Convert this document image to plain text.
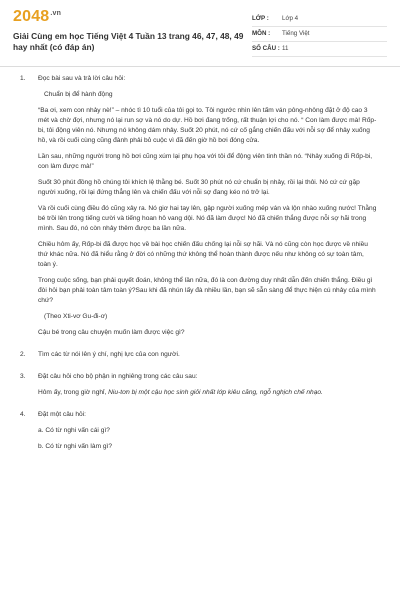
$2048^{.vn}$
Giải Cùng em học Tiếng Việt 4 Tuần 13 trang 46, 47, 48, 49 hay nhất (có đáp án)
LỚP :	Lớp 4
MÔN :	Tiếng Việt
SỐ CÂU : 11
1. Đọc bài sau và trả lời câu hỏi:

Chuẩn bị để hành động

“Ba ơi, xem con nhảy nè!” – nhóc tì 10 tuổi của tôi gọi to. Tôi ngước nhìn lên tấm ván pông-nhông đặt ở độ cao 3 mét và chờ đợi, nhưng nó lại run sợ và nó do dự. Hồ bơi đang trống, rất thuận lợi cho nó. “ Con làm được mà! Rốp-bi, tôi động viên nó. Nhưng nó không dám nhảy. Suốt 20 phút, nó cứ cố gắng chiến đấu với nỗi sợ để nhảy xuống hồ, và rồi cuối cùng cũng đành phải bỏ cuộc vì đã đến giờ hồ bơi đóng cửa.

Lần sau, những người trong hồ bơi cũng xúm lại phụ họa với tôi để động viên tinh thần nó. “Nhảy xuống đi Rốp-bi, con làm được mà!”

Suốt 30 phút đồng hồ chúng tôi khích lệ thằng bé. Suốt 30 phút nó cứ chuẩn bị nhảy, rồi lại thôi. Nó cứ cứ gặp người xuống, rồi lại đứng thẳng lên và chiến đấu với nỗi sợ đang kéo nó trở lại.

Và rồi cuối cùng điều đó cũng xảy ra. Nó giơ hai tay lên, gập người xuống mép ván và lộn nhào xuống nước! Thằng bé trồi lên trong tiếng cười và tiếng hoan hô vang dội. Nó đã làm được! Nó đã chiến thắng được nỗi sợ hãi trong mình. Sau đó, nó còn nhảy thêm được ba lần nữa.

Chiều hôm ấy, Rốp-bi đã được học về bài học chiến đấu chống lại nỗi sợ hãi. Và nó cũng còn học được về nhiều thứ khác nữa. Nó đã hiểu rằng ở đời có những thứ không thể hoàn thành được nếu như không có sự toàn tâm, toàn ý.

Trong cuộc sống, bạn phải quyết đoán, không thể lần nữa, đó là con đường duy nhất dẫn đến chiến thắng. Điều gì đòi hỏi bạn phải toàn tâm toàn ý?Sau khi đã nhún lấy đà nhiều lần, bạn sẽ sẵn sàng để thực hiện cú nhảy của mình chứ?

(Theo Xti-vơ Gu-đi-ơ)

Cậu bé trong câu chuyện muốn làm được việc gì?

2. Tìm các từ nói lên ý chí, nghị lực của con người.

3. Đặt câu hỏi cho bộ phận in nghiêng trong các câu sau:

Hôm ấy, trong giờ nghỉ, Niu-tơn bị một cậu học sinh giỏi nhất lớp kiêu căng, ngỗ nghịch chế nhạo.

4. Đặt một câu hỏi:

a. Có từ nghi vấn cái gì?

b. Có từ nghi vấn làm gì?
